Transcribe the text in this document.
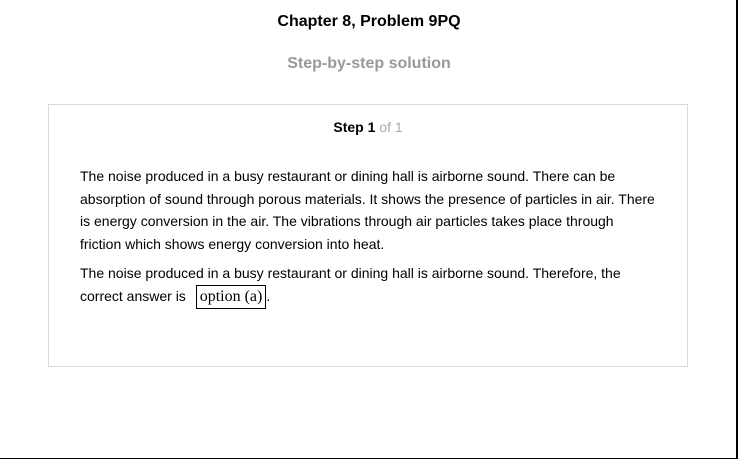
Chapter 8, Problem 9PQ
Step-by-step solution
Step 1 of 1

The noise produced in a busy restaurant or dining hall is airborne sound. There can be absorption of sound through porous materials. It shows the presence of particles in air. There is energy conversion in the air. The vibrations through air particles takes place through friction which shows energy conversion into heat.

The noise produced in a busy restaurant or dining hall is airborne sound. Therefore, the

correct answer is option (a) .
